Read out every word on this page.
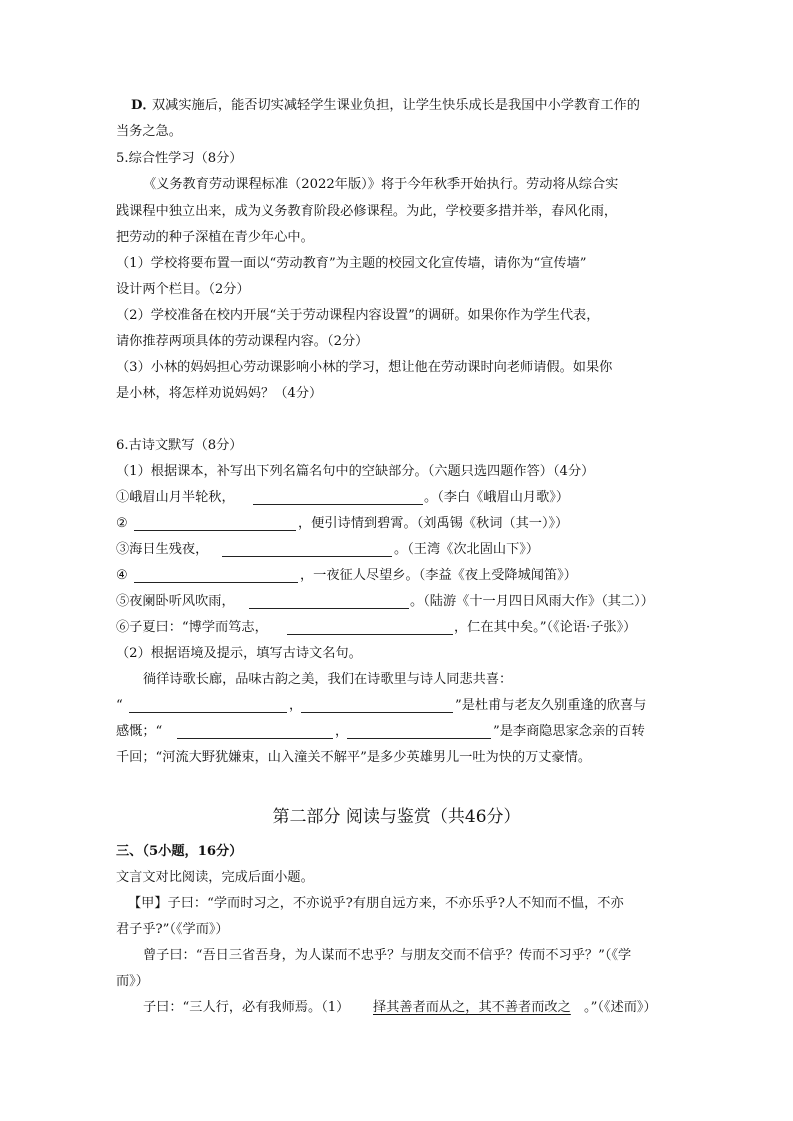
D．
双减实施后，能否切实减轻学生课业负担，让学生快乐成长是我国中小学教育工作的
当务之急。
5.综合性学习（8分）
《义务教育劳动课程标准（2022年版）》将于今年秋季开始执行。劳动将从综合实
践课程中独立出来，成为义务教育阶段必修课程。为此，学校要多措并举，春风化雨，
把劳动的种子深植在青少年心中。
（1）学校将要布置一面以“劳动教育”为主题的校园文化宣传墙，请你为“宣传墙”
设计两个栏目。（2分）
（2）学校准备在校内开展“关于劳动课程内容设置”的调研。如果你作为学生代表，
请你推荐两项具体的劳动课程内容。（2分）
（3）小林的妈妈担心劳动课影响小林的学习，想让他在劳动课时向老师请假。如果你
是小林，将怎样劝说妈妈？（4分）
6.古诗文默写（8分）
（1）根据课本，补写出下列名篇名句中的空缺部分。（六题只选四题作答）（4分）
①峨眉山月半轮秋，	。（李白《峨眉山月歌》）
②	，便引诗情到碧霄。（刘禹锡《秋词（其一）》）
③海日生残夜，	。（王湾《次北固山下》）
④	，一夜征人尽望乡。（李益《夜上受降城闻笛》）
⑤夜阑卧听风吹雨，	。（陆游《十一月四日风雨大作》（其二））
⑥子夏曰：“博学而笃志，	，仁在其中矣。”（《论语·子张》）
（2）根据语境及提示，填写古诗文名句。
徜徉诗歌长廊，品味古韵之美，我们在诗歌里与诗人同悲共喜：
“	，	”是杜甫与老友久别重逢的欣喜与
感慨；“	，	”是李商隐思家念亲的百转
千回；“河流大野犹嫌束，山入潼关不解平”是多少英雄男儿一吐为快的万丈豪情。
第二部分 阅读与鉴赏（共46分）
三、（5小题，16分）
文言文对比阅读，完成后面小题。
【甲】子曰：“学而时习之，不亦说乎?有朋自远方来，不亦乐乎?人不知而不愠，不亦
君子乎?”（《学而》）
曾子曰：“吾日三省吾身，为人谋而不忠乎？与朋友交而不信乎？传而不习乎？”（《学
而》）
子曰：“三人行，必有我师焉。（1） 择其善者而从之，其不善者而改之 。”（《述而》）
